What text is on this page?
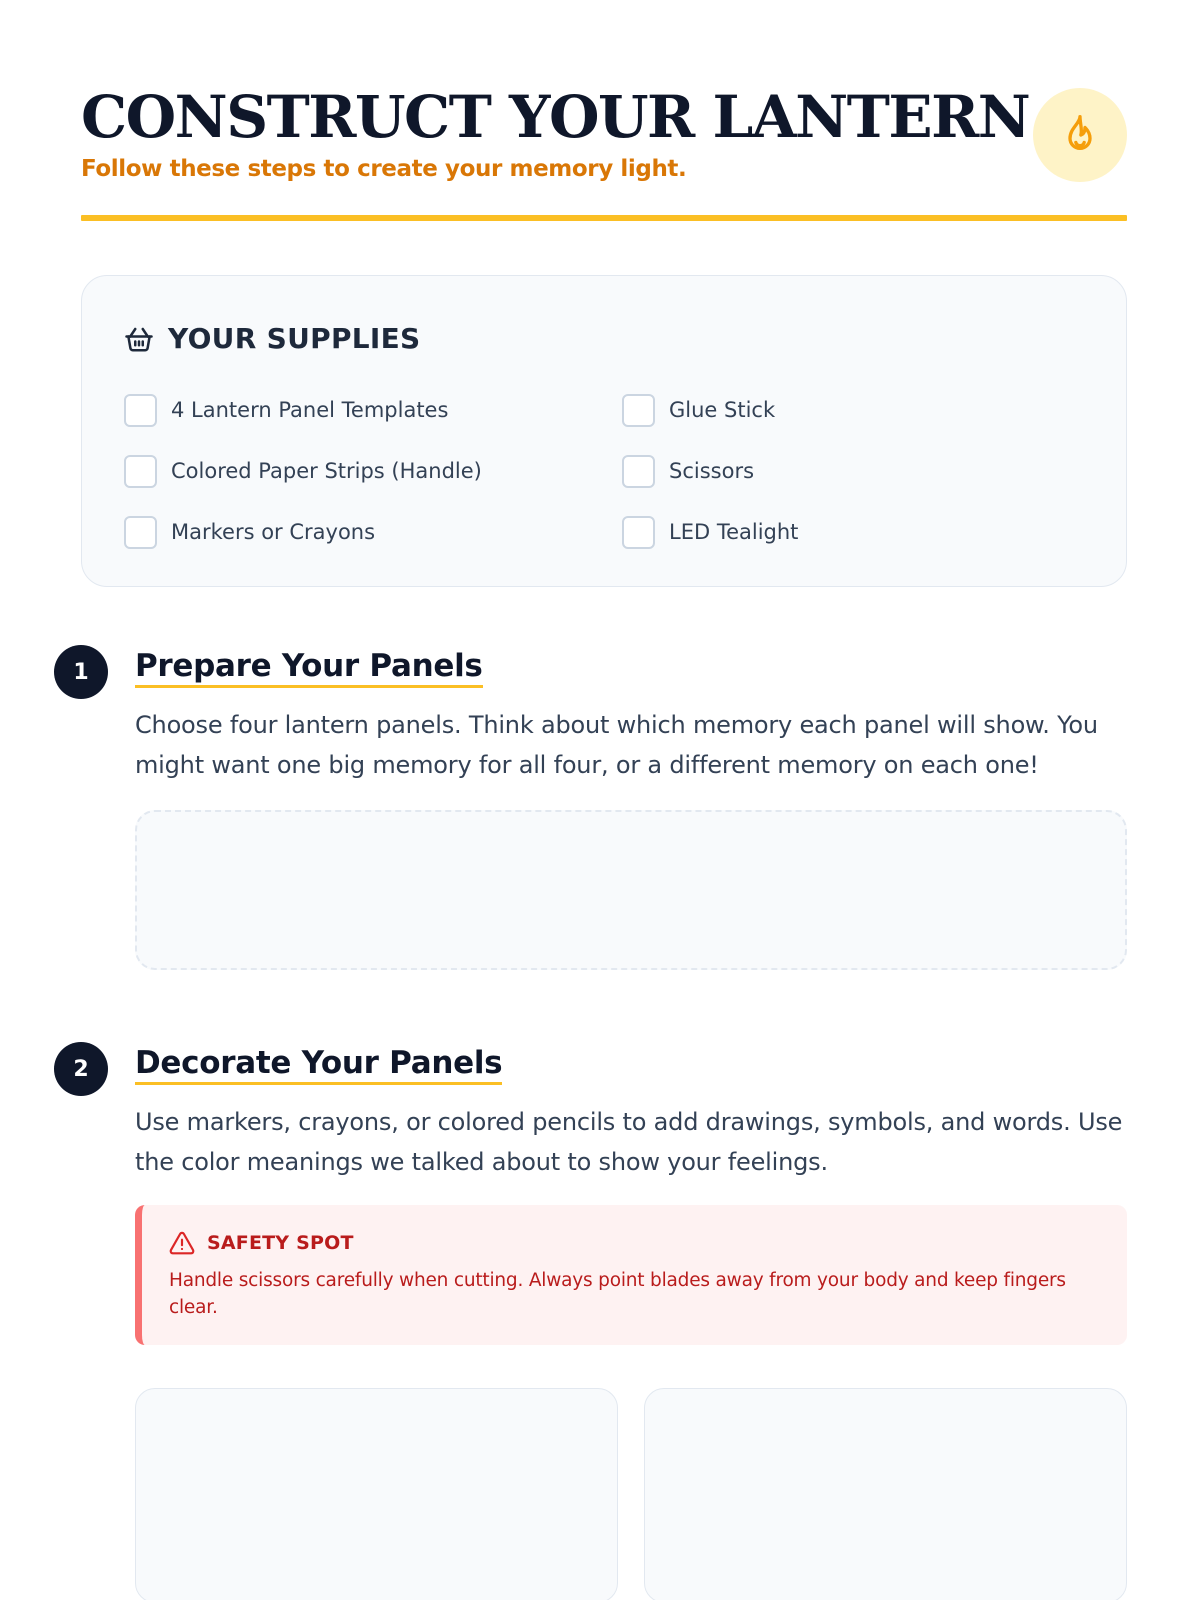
CONSTRUCT YOUR LANTERN
Follow these steps to create your memory light.
YOUR SUPPLIES
4 Lantern Panel Templates	Glue Stick
Colored Paper Strips (Handle)	Scissors
Markers or Crayons	LED Tealight
1	Prepare Your Panels

Choose four lantern panels. Think about which memory each panel will show. You might want one big memory for all four, or a different memory on each one!

2	Decorate Your Panels

Use markers, crayons, or colored pencils to add drawings, symbols, and words. Use the color meanings we talked about to show your feelings.

SAFETY SPOT

Handle scissors carefully when cutting. Always point blades away from your body and keep fingers clear.
